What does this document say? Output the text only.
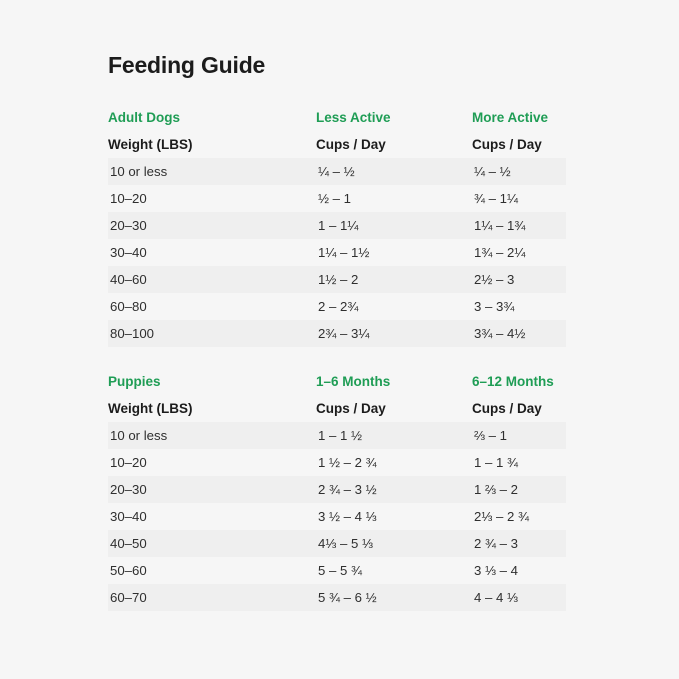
Feeding Guide
Adult Dogs	Less Active	More Active
Weight (LBS)	Cups / Day	Cups / Day
10 or less	¼ – ½	¼ – ½
10–20	½ – 1	¾ – 1¼
20–30	1 – 1¼	1¼ – 1¾
30–40	1¼ – 1½	1¾ – 2¼
40–60	1½ – 2	2½ – 3
60–80	2 – 2¾	3 – 3¾
80–100	2¾ – 3¼	3¾ – 4½
Puppies	1–6 Months	6–12 Months
Weight (LBS)	Cups / Day	Cups / Day
10 or less	1 – 1 ½	⅔ – 1
10–20	1 ½ – 2 ¾	1 – 1 ¾
20–30	2 ¾ – 3 ½	1 ⅔ – 2
30–40	3 ½ – 4 ⅓	2⅓ – 2 ¾
40–50	4⅓ – 5 ⅓	2 ¾ – 3
50–60	5 – 5 ¾	3 ⅓ – 4
60–70	5 ¾ – 6 ½	4 – 4 ⅓
